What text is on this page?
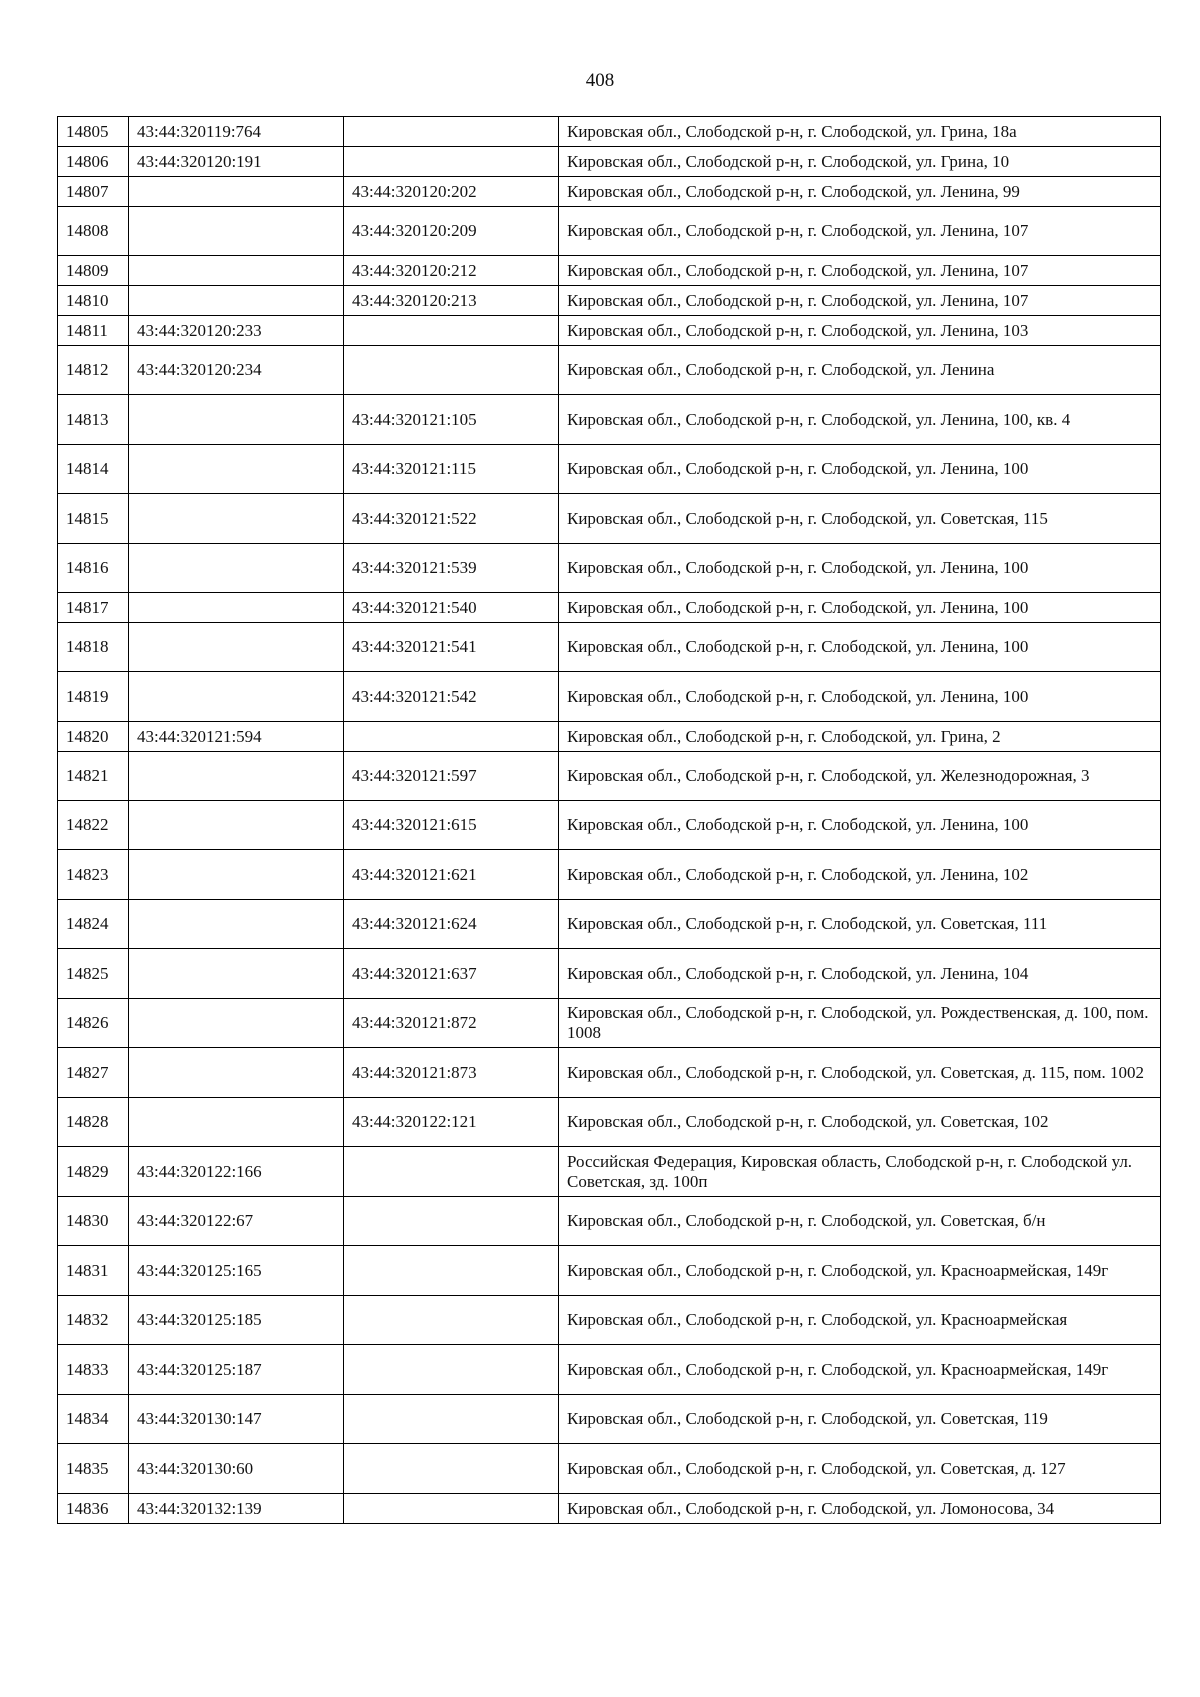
408
14805	43:44:320119:764		Кировская обл., Слободской р-н, г. Слободской, ул. Грина, 18а
14806	43:44:320120:191		Кировская обл., Слободской р-н, г. Слободской, ул. Грина, 10
14807		43:44:320120:202	Кировская обл., Слободской р-н, г. Слободской, ул. Ленина, 99
14808		43:44:320120:209	Кировская обл., Слободской р-н, г. Слободской, ул. Ленина, 107
14809		43:44:320120:212	Кировская обл., Слободской р-н, г. Слободской, ул. Ленина, 107
14810		43:44:320120:213	Кировская обл., Слободской р-н, г. Слободской, ул. Ленина, 107
14811	43:44:320120:233		Кировская обл., Слободской р-н, г. Слободской, ул. Ленина, 103
14812	43:44:320120:234		Кировская обл., Слободской р-н, г. Слободской, ул. Ленина
14813		43:44:320121:105	Кировская обл., Слободской р-н, г. Слободской, ул. Ленина, 100, кв. 4
14814		43:44:320121:115	Кировская обл., Слободской р-н, г. Слободской, ул. Ленина, 100
14815		43:44:320121:522	Кировская обл., Слободской р-н, г. Слободской, ул. Советская, 115
14816		43:44:320121:539	Кировская обл., Слободской р-н, г. Слободской, ул. Ленина, 100
14817		43:44:320121:540	Кировская обл., Слободской р-н, г. Слободской, ул. Ленина, 100
14818		43:44:320121:541	Кировская обл., Слободской р-н, г. Слободской, ул. Ленина, 100
14819		43:44:320121:542	Кировская обл., Слободской р-н, г. Слободской, ул. Ленина, 100
14820	43:44:320121:594		Кировская обл., Слободской р-н, г. Слободской, ул. Грина, 2
14821		43:44:320121:597	Кировская обл., Слободской р-н, г. Слободской, ул. Железнодорожная, 3
14822		43:44:320121:615	Кировская обл., Слободской р-н, г. Слободской, ул. Ленина, 100
14823		43:44:320121:621	Кировская обл., Слободской р-н, г. Слободской, ул. Ленина, 102
14824		43:44:320121:624	Кировская обл., Слободской р-н, г. Слободской, ул. Советская, 111
14825		43:44:320121:637	Кировская обл., Слободской р-н, г. Слободской, ул. Ленина, 104
14826		43:44:320121:872	Кировская обл., Слободской р-н, г. Слободской, ул. Рождественская, д. 100, пом. 1008
14827		43:44:320121:873	Кировская обл., Слободской р-н, г. Слободской, ул. Советская, д. 115, пом. 1002
14828		43:44:320122:121	Кировская обл., Слободской р-н, г. Слободской, ул. Советская, 102
14829	43:44:320122:166		Российская Федерация, Кировская область, Слободской р-н, г. Слободской ул. Советская, зд. 100п
14830	43:44:320122:67		Кировская обл., Слободской р-н, г. Слободской, ул. Советская, б/н
14831	43:44:320125:165		Кировская обл., Слободской р-н, г. Слободской, ул. Красноармейская, 149г
14832	43:44:320125:185		Кировская обл., Слободской р-н, г. Слободской, ул. Красноармейская
14833	43:44:320125:187		Кировская обл., Слободской р-н, г. Слободской, ул. Красноармейская, 149г
14834	43:44:320130:147		Кировская обл., Слободской р-н, г. Слободской, ул. Советская, 119
14835	43:44:320130:60		Кировская обл., Слободской р-н, г. Слободской, ул. Советская, д. 127
14836	43:44:320132:139		Кировская обл., Слободской р-н, г. Слободской, ул. Ломоносова, 34
